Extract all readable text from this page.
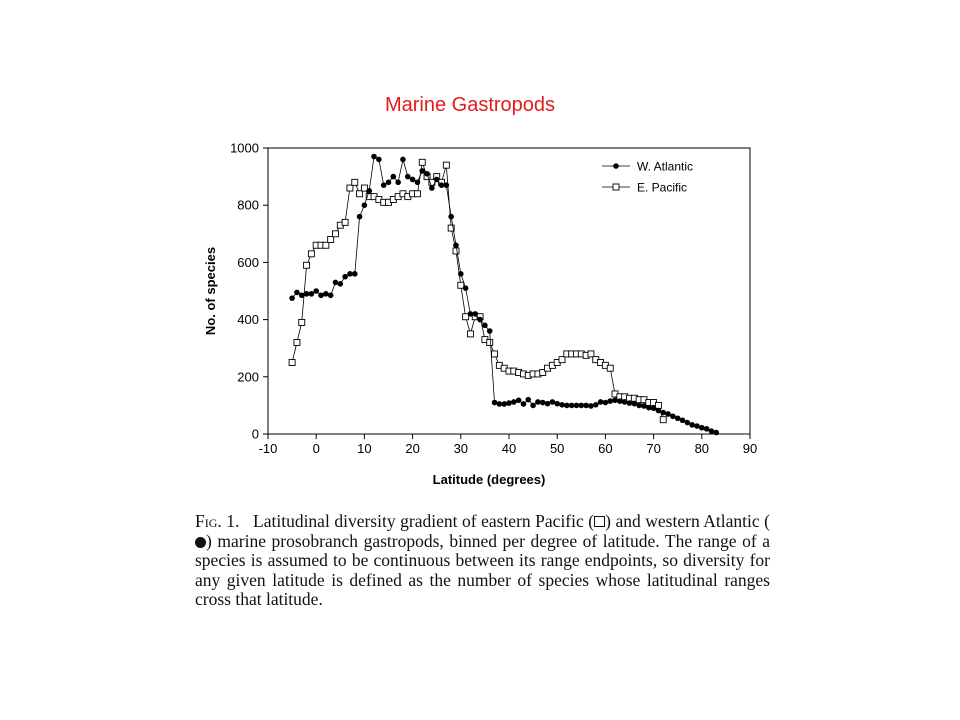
Marine Gastropods
-10	0	10	20	30	40	50	60	70	80	90
0
200
400
600
800
1000
W. Atlantic
E. Pacific
Latitude (degrees)
No. of species
Fig. 1. Latitudinal diversity gradient of eastern Pacific ( ) and western Atlantic () marine prosobranch gastropods, binned per degree of latitude. The range of a species is assumed to be continuous between its range endpoints, so diversity for any given latitude is defined as the number of species whose latitudinal ranges cross that latitude.
